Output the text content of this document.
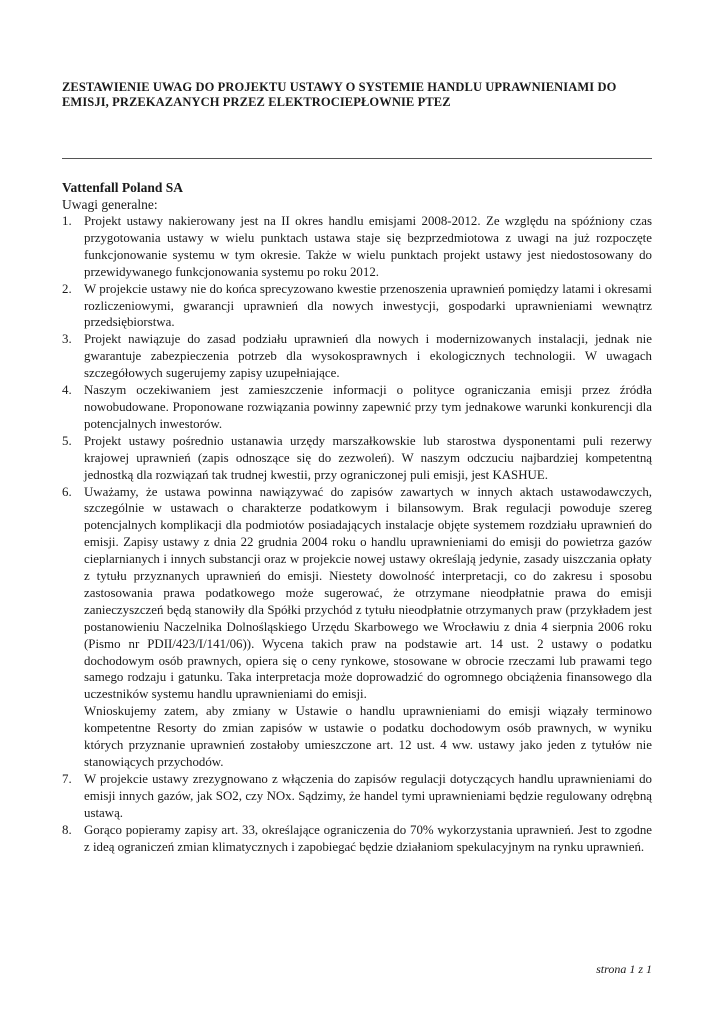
ZESTAWIENIE UWAG DO PROJEKTU USTAWY O SYSTEMIE HANDLU UPRAWNIENIAMI DO EMISJI, PRZEKAZANYCH PRZEZ ELEKTROCIEPŁOWNIE PTEZ
Vattenfall Poland SA
Uwagi generalne:
1. Projekt ustawy nakierowany jest na II okres handlu emisjami 2008-2012. Ze względu na spóźniony czas przygotowania ustawy w wielu punktach ustawa staje się bezprzedmiotowa z uwagi na już rozpoczęte funkcjonowanie systemu w tym okresie. Także w wielu punktach projekt ustawy jest niedostosowany do przewidywanego funkcjonowania systemu po roku 2012.

2. W projekcie ustawy nie do końca sprecyzowano kwestie przenoszenia uprawnień pomiędzy latami i okresami rozliczeniowymi, gwarancji uprawnień dla nowych inwestycji, gospodarki uprawnieniami wewnątrz przedsiębiorstwa.

3. Projekt nawiązuje do zasad podziału uprawnień dla nowych i modernizowanych instalacji, jednak nie gwarantuje zabezpieczenia potrzeb dla wysokosprawnych i ekologicznych technologii. W uwagach szczegółowych sugerujemy zapisy uzupełniające.

4. Naszym oczekiwaniem jest zamieszczenie informacji o polityce ograniczania emisji przez źródła nowobudowane. Proponowane rozwiązania powinny zapewnić przy tym jednakowe warunki konkurencji dla potencjalnych inwestorów.

5. Projekt ustawy pośrednio ustanawia urzędy marszałkowskie lub starostwa dysponentami puli rezerwy krajowej uprawnień (zapis odnoszące się do zezwoleń). W naszym odczuciu najbardziej kompetentną jednostką dla rozwiązań tak trudnej kwestii, przy ograniczonej puli emisji, jest KASHUE.

6. Uważamy, że ustawa powinna nawiązywać do zapisów zawartych w innych aktach ustawodawczych, szczególnie w ustawach o charakterze podatkowym i bilansowym. Brak regulacji powoduje szereg potencjalnych komplikacji dla podmiotów posiadających instalacje objęte systemem rozdziału uprawnień do emisji. Zapisy ustawy z dnia 22 grudnia 2004 roku o handlu uprawnieniami do emisji do powietrza gazów cieplarnianych i innych substancji oraz w projekcie nowej ustawy określają jedynie, zasady uiszczania opłaty z tytułu przyznanych uprawnień do emisji. Niestety dowolność interpretacji, co do zakresu i sposobu zastosowania prawa podatkowego może sugerować, że otrzymane nieodpłatnie prawa do emisji zanieczyszczeń będą stanowiły dla Spółki przychód z tytułu nieodpłatnie otrzymanych praw (przykładem jest postanowieniu Naczelnika Dolnośląskiego Urzędu Skarbowego we Wrocławiu z dnia 4 sierpnia 2006 roku (Pismo nr PDII/423/I/141/06)). Wycena takich praw na podstawie art. 14 ust. 2 ustawy o podatku dochodowym osób prawnych, opiera się o ceny rynkowe, stosowane w obrocie rzeczami lub prawami tego samego rodzaju i gatunku. Taka interpretacja może doprowadzić do ogromnego obciążenia finansowego dla uczestników systemu handlu uprawnieniami do emisji.

Wnioskujemy zatem, aby zmiany w Ustawie o handlu uprawnieniami do emisji wiązały terminowo kompetentne Resorty do zmian zapisów w ustawie o podatku dochodowym osób prawnych, w wyniku których przyznanie uprawnień zostałoby umieszczone art. 12 ust. 4 ww. ustawy jako jeden z tytułów nie stanowiących przychodów.

7. W projekcie ustawy zrezygnowano z włączenia do zapisów regulacji dotyczących handlu uprawnieniami do emisji innych gazów, jak SO2, czy NOx. Sądzimy, że handel tymi uprawnieniami będzie regulowany odrębną ustawą.

8. Gorąco popieramy zapisy art. 33, określające ograniczenia do 70% wykorzystania uprawnień. Jest to zgodne z ideą ograniczeń zmian klimatycznych i zapobiegać będzie działaniom spekulacyjnym na rynku uprawnień.

strona 1 z 1
